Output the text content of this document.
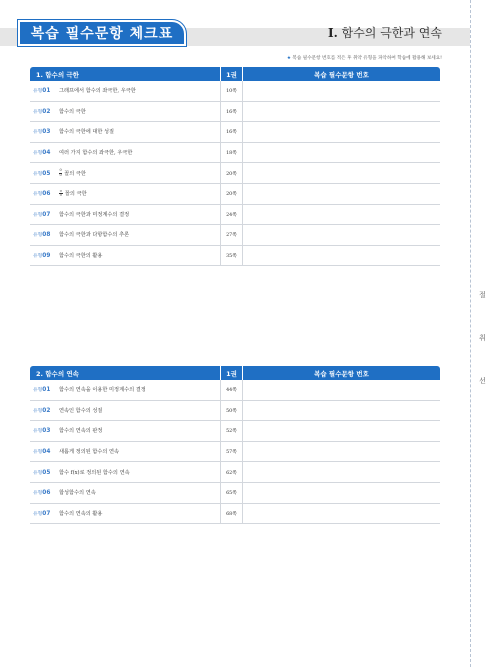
복습 필수문항 체크표	I. 함수의 극한과 연속
★ 복습 필수문항 번호를 적은 후 취약 유형을 파악하여 학습에 활용해 보세요!
절
취
선
1. 함수의 극한	1권	복습 필수문항 번호
유형01	그래프에서 함수의 좌극한, 우극한	10쪽
유형02	함수의 극한	16쪽
유형03	함수의 극한에 대한 성질	16쪽
유형04	여러 가지 함수의 좌극한, 우극한	18쪽
유형05	$\frac{0}{0}$ 꼴의 극한	20쪽
유형06	$\frac{\infty}{\infty}$ 꼴의 극한	20쪽
유형07	함수의 극한과 미정계수의 결정	24쪽
유형08	함수의 극한과 다항함수의 추론	27쪽
유형09	함수의 극한의 활용	35쪽
2. 함수의 연속	1권	복습 필수문항 번호
유형01	함수의 연속을 이용한 미정계수의 결정	44쪽
유형02	연속인 함수의 성질	50쪽
유형03	함수의 연속의 판정	52쪽
유형04	새롭게 정의된 함수의 연속	57쪽
유형05	함수 f(x)로 정의된 함수의 연속	62쪽
유형06	합성함수의 연속	65쪽
유형07	함수의 연속의 활용	68쪽
